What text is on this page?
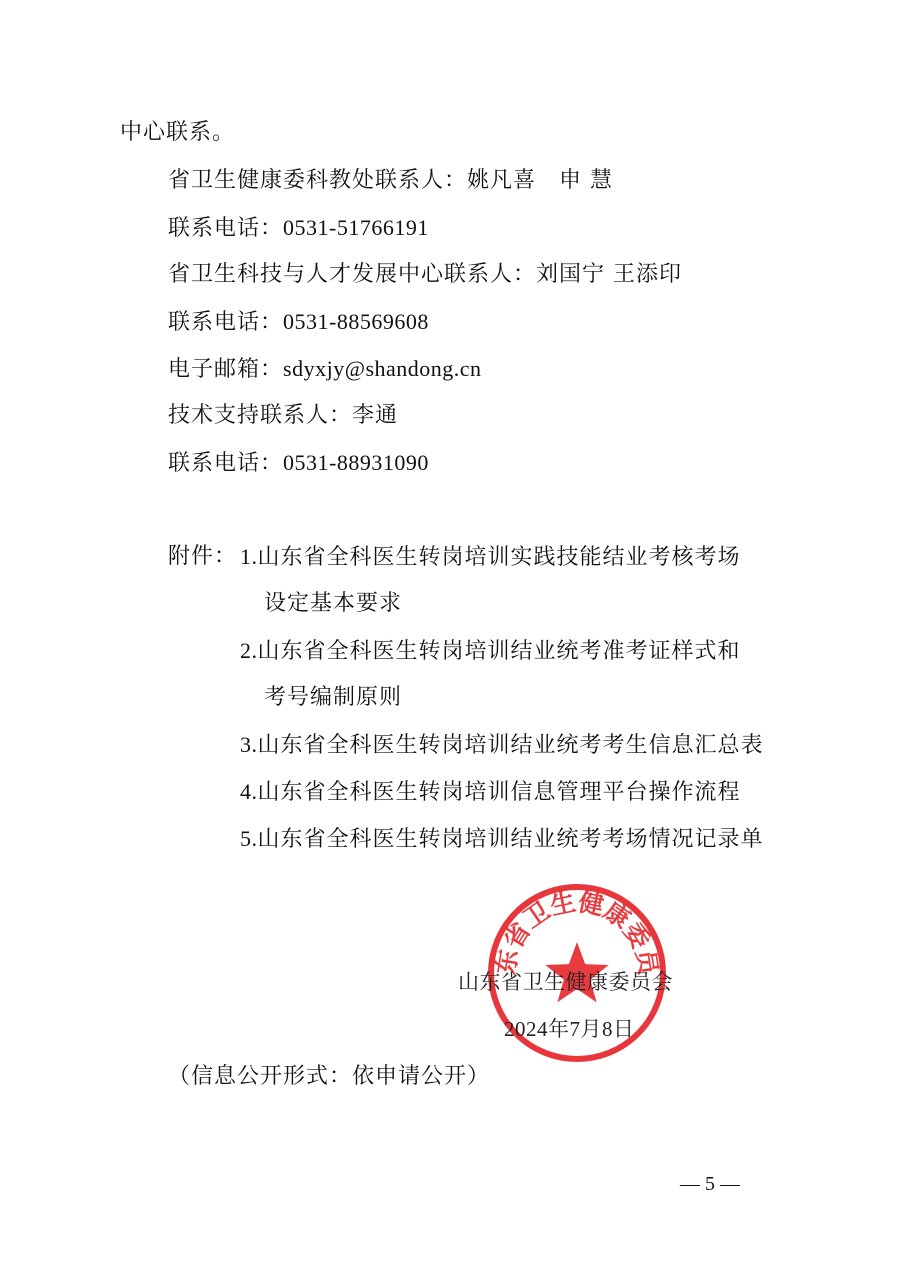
中心联系。
省卫生健康委科教处联系人：姚凡喜　申 慧
联系电话：0531-51766191
省卫生科技与人才发展中心联系人：刘国宁 王添印
联系电话：0531-88569608
电子邮箱：sdyxjy@shandong.cn
技术支持联系人：李通
联系电话：0531-88931090
附件： 1.山东省全科医生转岗培训实践技能结业考核考场
设定基本要求
2.山东省全科医生转岗培训结业统考准考证样式和
考号编制原则
3.山东省全科医生转岗培训结业统考考生信息汇总表
4.山东省全科医生转岗培训信息管理平台操作流程
5.山东省全科医生转岗培训结业统考考场情况记录单
东省卫生健康委员
山东省卫生健康委员会
2024年7月8日
（信息公开形式：依申请公开）
— 5 —
